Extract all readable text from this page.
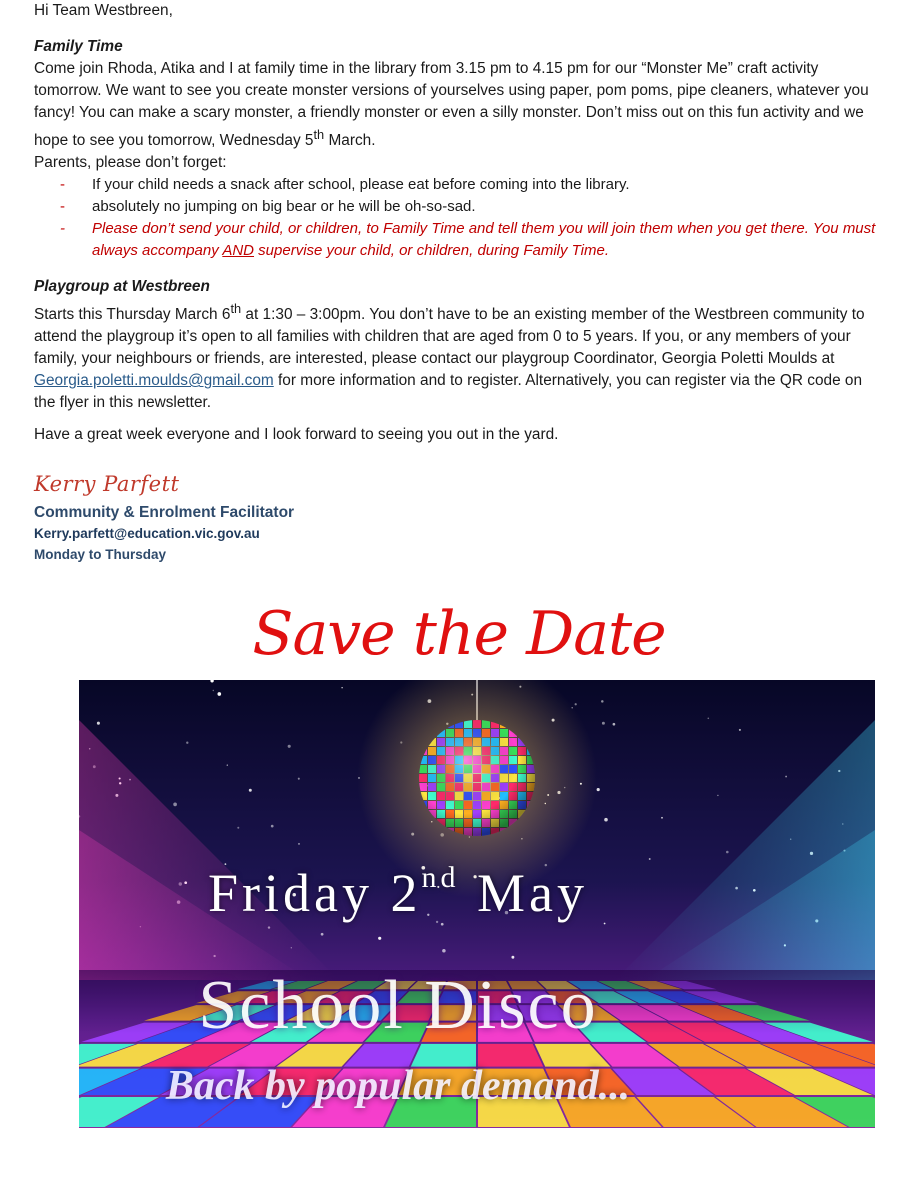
Hi Team Westbreen,

Family Time

Come join Rhoda, Atika and I at family time in the library from 3.15 pm to 4.15 pm for our “Monster Me” craft activity tomorrow. We want to see you create monster versions of yourselves using paper, pom poms, pipe cleaners, whatever you fancy! You can make a scary monster, a friendly monster or even a silly monster. Don’t miss out on this fun activity and we hope to see you tomorrow, Wednesday 5th March.

Parents, please don’t forget:

- If your child needs a snack after school, please eat before coming into the library.
- absolutely no jumping on big bear or he will be oh-so-sad.
- Please don’t send your child, or children, to Family Time and tell them you will join them when you get there. You must always accompany AND supervise your child, or children, during Family Time.

Playgroup at Westbreen

Starts this Thursday March 6th at 1:30 – 3:00pm. You don’t have to be an existing member of the Westbreen community to attend the playgroup it’s open to all families with children that are aged from 0 to 5 years. If you, or any members of your family, your neighbours or friends, are interested, please contact our playgroup Coordinator, Georgia Poletti Moulds at Georgia.poletti.moulds@gmail.com for more information and to register. Alternatively, you can register via the QR code on the flyer in this newsletter.

Have a great week everyone and I look forward to seeing you out in the yard.

Kerry Parfett

Community & Enrolment Facilitator

Kerry.parfett@education.vic.gov.au

Monday to Thursday

Save the Date
Friday 2nd May
School Disco
Back by popular demand...
